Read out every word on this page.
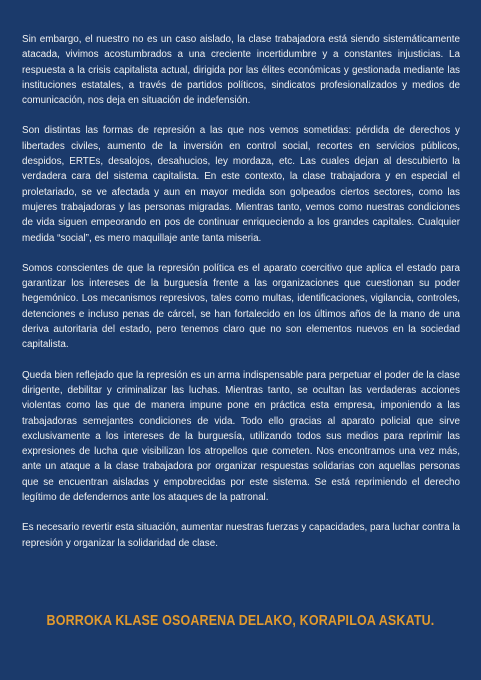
Sin embargo, el nuestro no es un caso aislado, la clase trabajadora está siendo sistemáticamente atacada, vivimos acostumbrados a una creciente incertidumbre y a constantes injusticias. La respuesta a la crisis capitalista actual, dirigida por las élites económicas y gestionada mediante las instituciones estatales, a través de partidos políticos, sindicatos profesionalizados y medios de comunicación, nos deja en situación de indefensión.

Son distintas las formas de represión a las que nos vemos sometidas: pérdida de derechos y libertades civiles, aumento de la inversión en control social, recortes en servicios públicos, despidos, ERTEs, desalojos, desahucios, ley mordaza, etc. Las cuales dejan al descubierto la verdadera cara del sistema capitalista. En este contexto, la clase trabajadora y en especial el proletariado, se ve afectada y aun en mayor medida son golpeados ciertos sectores, como las mujeres trabajadoras y las personas migradas. Mientras tanto, vemos como nuestras condiciones de vida siguen empeorando en pos de continuar enriqueciendo a los grandes capitales. Cualquier medida “social”, es mero maquillaje ante tanta miseria.

Somos conscientes de que la represión política es el aparato coercitivo que aplica el estado para garantizar los intereses de la burguesía frente a las organizaciones que cuestionan su poder hegemónico. Los mecanismos represivos, tales como multas, identificaciones, vigilancia, controles, detenciones e incluso penas de cárcel, se han fortalecido en los últimos años de la mano de una deriva autoritaria del estado, pero tenemos claro que no son elementos nuevos en la sociedad capitalista.

Queda bien reflejado que la represión es un arma indispensable para perpetuar el poder de la clase dirigente, debilitar y criminalizar las luchas. Mientras tanto, se ocultan las verdaderas acciones violentas como las que de manera impune pone en práctica esta empresa, imponiendo a las trabajadoras semejantes condiciones de vida. Todo ello gracias al aparato policial que sirve exclusivamente a los intereses de la burguesía, utilizando todos sus medios para reprimir las expresiones de lucha que visibilizan los atropellos que cometen. Nos encontramos una vez más, ante un ataque a la clase trabajadora por organizar respuestas solidarias con aquellas personas que se encuentran aisladas y empobrecidas por este sistema. Se está reprimiendo el derecho legítimo de defendernos ante los ataques de la patronal.

Es necesario revertir esta situación, aumentar nuestras fuerzas y capacidades, para luchar contra la represión y organizar la solidaridad de clase.

BORROKA KLASE OSOARENA DELAKO, KORAPILOA ASKATU.
